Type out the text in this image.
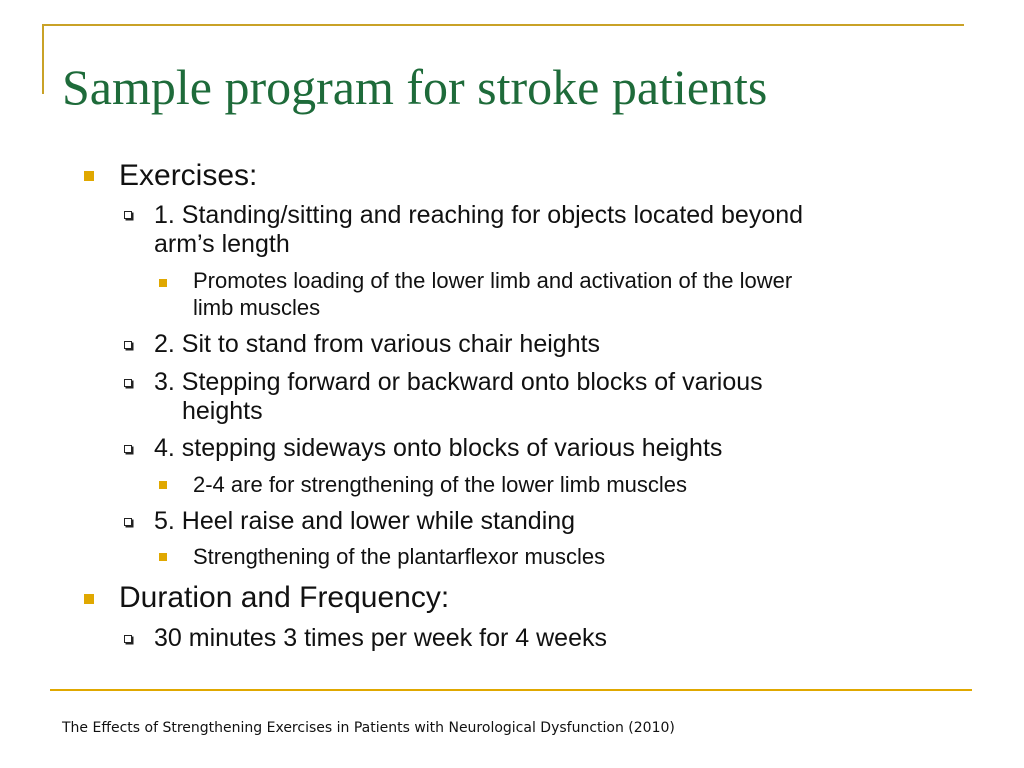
Sample program for stroke patients
Exercises:
1. Standing/sitting and reaching for objects located beyond
arm’s length
Promotes loading of the lower limb and activation of the lower
limb muscles
2. Sit to stand from various chair heights
3. Stepping forward or backward onto blocks of various
heights
4. stepping sideways onto blocks of various heights
2-4 are for strengthening of the lower limb muscles
5. Heel raise and lower while standing
Strengthening of the plantarflexor muscles
Duration and Frequency:
30 minutes 3 times per week for 4 weeks
The Effects of Strengthening Exercises in Patients with Neurological Dysfunction (2010)
